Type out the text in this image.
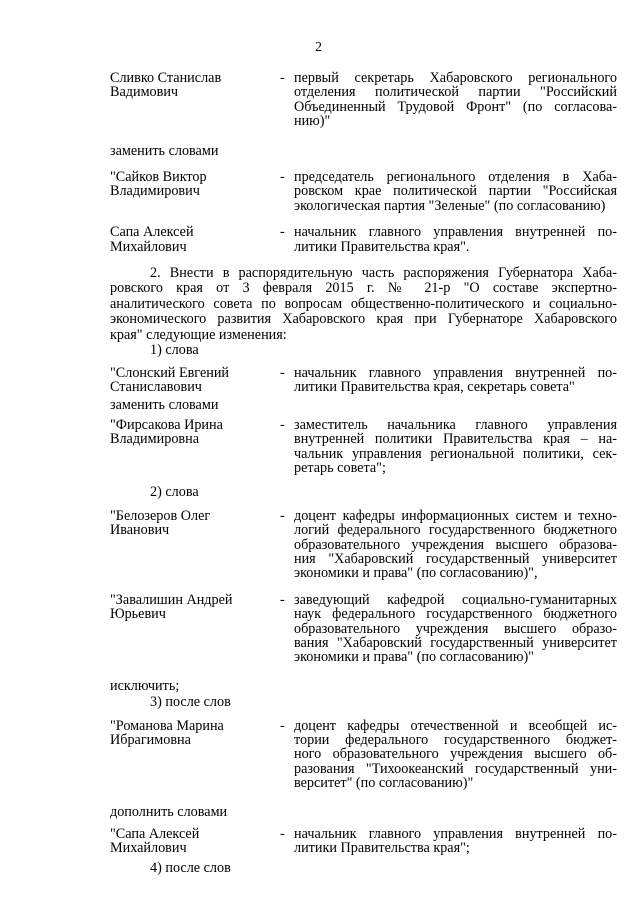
2
Сливко Станислав
Вадимович
- первый секретарь Хабаровского регионального
отделения политической партии "Российский
Объединенный Трудовой Фронт" (по согласова-
нию)"
заменить словами
"Сайков Виктор
Владимирович
- председатель регионального отделения в Хаба-
ровском крае политической партии "Российская
экологическая партия "Зеленые" (по согласованию)
Сапа Алексей
Михайлович
- начальник главного управления внутренней по-
литики Правительства края".
2. Внести в распорядительную часть распоряжения Губернатора Хаба-
ровского края от 3 февраля 2015 г. № 21-р "О составе экспертно-
аналитического совета по вопросам общественно-политического и социально-
экономического развития Хабаровского края при Губернаторе Хабаровского
края" следующие изменения:
1) слова
"Слонский Евгений
Станиславович
- начальник главного управления внутренней по-
литики Правительства края, секретарь совета"
заменить словами
"Фирсакова Ирина
Владимировна
- заместитель начальника главного управления
внутренней политики Правительства края – на-
чальник управления региональной политики, сек-
ретарь совета";
2) слова
"Белозеров Олег
Иванович
- доцент кафедры информационных систем и техно-
логий федерального государственного бюджетного
образовательного учреждения высшего образова-
ния "Хабаровский государственный университет
экономики и права" (по согласованию)",
"Завалишин Андрей
Юрьевич
- заведующий кафедрой социально-гуманитарных
наук федерального государственного бюджетного
образовательного учреждения высшего образо-
вания "Хабаровский государственный университет
экономики и права" (по согласованию)"
исключить;
3) после слов
"Романова Марина
Ибрагимовна
- доцент кафедры отечественной и всеобщей ис-
тории федерального государственного бюджет-
ного образовательного учреждения высшего об-
разования "Тихоокеанский государственный уни-
верситет" (по согласованию)"
дополнить словами
"Сапа Алексей
Михайлович
- начальник главного управления внутренней по-
литики Правительства края";
4) после слов
